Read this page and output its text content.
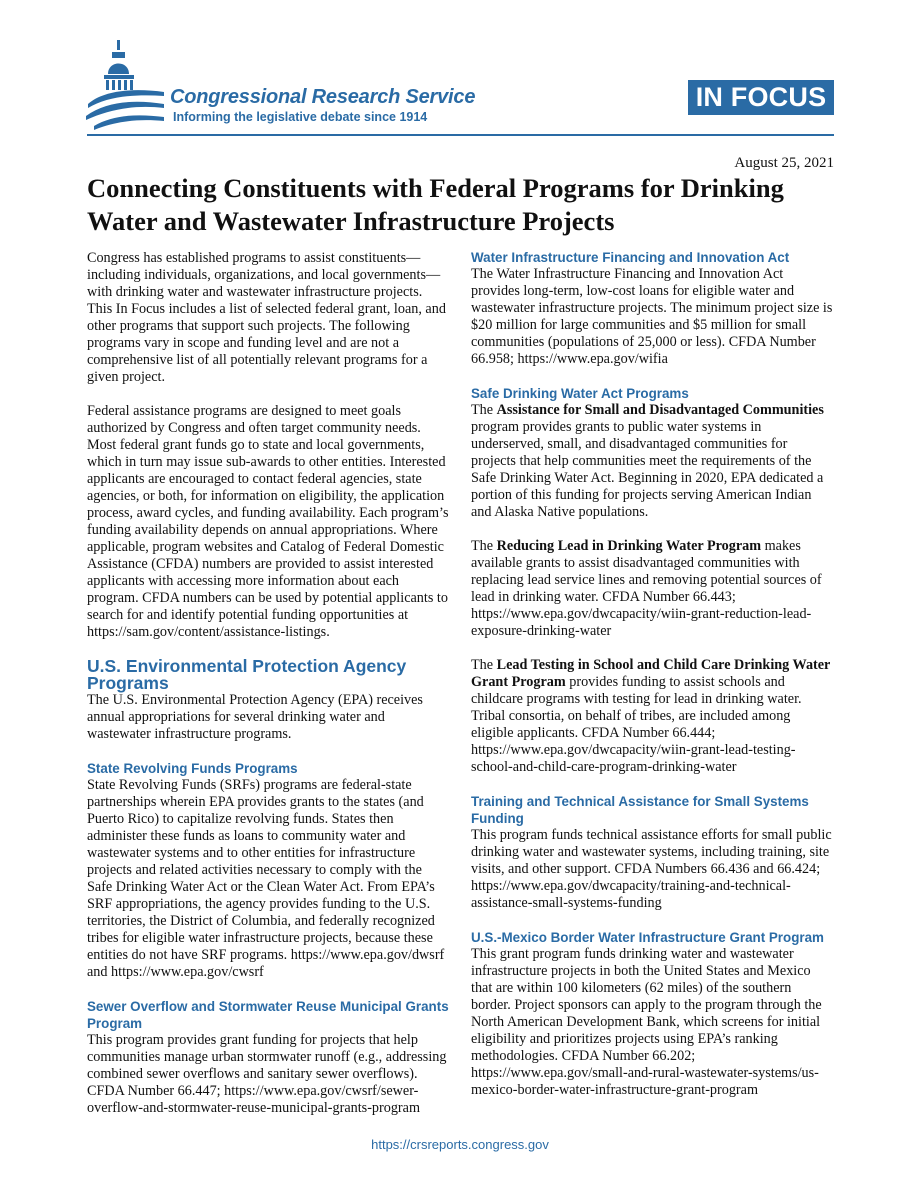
Congressional Research Service
Informing the legislative debate since 1914
IN FOCUS
August 25, 2021
Connecting Constituents with Federal Programs for Drinking Water and Wastewater Infrastructure Projects

Congress has established programs to assist constituents—including individuals, organizations, and local governments—with drinking water and wastewater infrastructure projects. This In Focus includes a list of selected federal grant, loan, and other programs that support such projects. The following programs vary in scope and funding level and are not a comprehensive list of all potentially relevant programs for a given project.

Federal assistance programs are designed to meet goals authorized by Congress and often target community needs. Most federal grant funds go to state and local governments, which in turn may issue sub-awards to other entities. Interested applicants are encouraged to contact federal agencies, state agencies, or both, for information on eligibility, the application process, award cycles, and funding availability. Each program’s funding availability depends on annual appropriations. Where applicable, program websites and Catalog of Federal Domestic Assistance (CFDA) numbers are provided to assist interested applicants with accessing more information about each program. CFDA numbers can be used by potential applicants to search for and identify potential funding opportunities at https://sam.gov/content/assistance-listings.

U.S. Environmental Protection Agency Programs

The U.S. Environmental Protection Agency (EPA) receives annual appropriations for several drinking water and wastewater infrastructure programs.

State Revolving Funds Programs

State Revolving Funds (SRFs) programs are federal-state partnerships wherein EPA provides grants to the states (and Puerto Rico) to capitalize revolving funds. States then administer these funds as loans to community water and wastewater systems and to other entities for infrastructure projects and related activities necessary to comply with the Safe Drinking Water Act or the Clean Water Act. From EPA’s SRF appropriations, the agency provides funding to the U.S. territories, the District of Columbia, and federally recognized tribes for eligible water infrastructure projects, because these entities do not have SRF programs. https://www.epa.gov/dwsrf and https://www.epa.gov/cwsrf

Sewer Overflow and Stormwater Reuse Municipal Grants Program

This program provides grant funding for projects that help communities manage urban stormwater runoff (e.g., addressing combined sewer overflows and sanitary sewer overflows). CFDA Number 66.447; https://www.epa.gov/cwsrf/sewer-overflow-and-stormwater-reuse-municipal-grants-program

Water Infrastructure Financing and Innovation Act

The Water Infrastructure Financing and Innovation Act provides long-term, low-cost loans for eligible water and wastewater infrastructure projects. The minimum project size is $20 million for large communities and $5 million for small communities (populations of 25,000 or less). CFDA Number 66.958; https://www.epa.gov/wifia

Safe Drinking Water Act Programs

The Assistance for Small and Disadvantaged Communities program provides grants to public water systems in underserved, small, and disadvantaged communities for projects that help communities meet the requirements of the Safe Drinking Water Act. Beginning in 2020, EPA dedicated a portion of this funding for projects serving American Indian and Alaska Native populations.

The Reducing Lead in Drinking Water Program makes available grants to assist disadvantaged communities with replacing lead service lines and removing potential sources of lead in drinking water. CFDA Number 66.443; https://www.epa.gov/dwcapacity/wiin-grant-reduction-lead-exposure-drinking-water

The Lead Testing in School and Child Care Drinking Water Grant Program provides funding to assist schools and childcare programs with testing for lead in drinking water. Tribal consortia, on behalf of tribes, are included among eligible applicants. CFDA Number 66.444; https://www.epa.gov/dwcapacity/wiin-grant-lead-testing-school-and-child-care-program-drinking-water

Training and Technical Assistance for Small Systems Funding

This program funds technical assistance efforts for small public drinking water and wastewater systems, including training, site visits, and other support. CFDA Numbers 66.436 and 66.424; https://www.epa.gov/dwcapacity/training-and-technical-assistance-small-systems-funding

U.S.-Mexico Border Water Infrastructure Grant Program

This grant program funds drinking water and wastewater infrastructure projects in both the United States and Mexico that are within 100 kilometers (62 miles) of the southern border. Project sponsors can apply to the program through the North American Development Bank, which screens for initial eligibility and prioritizes projects using EPA’s ranking methodologies. CFDA Number 66.202; https://www.epa.gov/small-and-rural-wastewater-systems/us-mexico-border-water-infrastructure-grant-program

https://crsreports.congress.gov
